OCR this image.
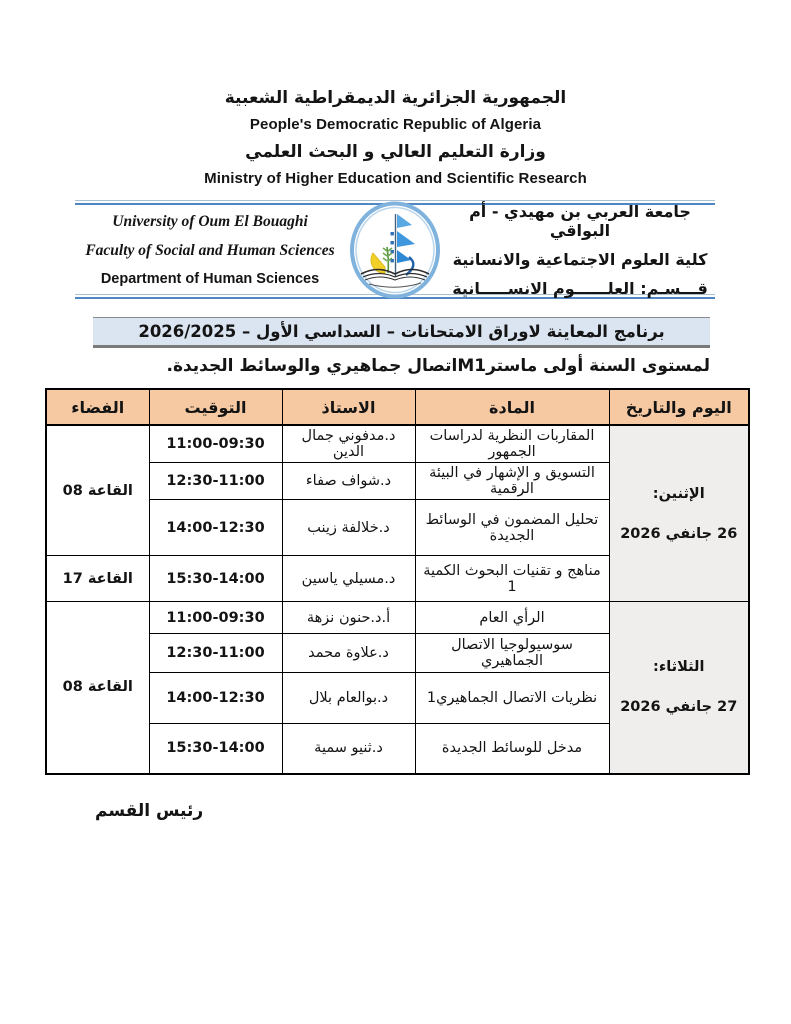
الجمهورية الجزائرية الديمقراطية الشعبية
People's Democratic Republic of Algeria
وزارة التعليم العالي و البحث العلمي
Ministry of Higher Education and Scientific Research
University of Oum El Bouaghi
Faculty of Social and Human Sciences
Department of Human Sciences
جامعة العربي بن مهيدي - أم البواقي
كلية العلوم الاجتماعية والانسانية
قـــسـم: العلــــــوم الانســـــانية
برنامج المعاينة لاوراق الامتحانات – السداسي الأول – 2026/2025
لمستوى السنة أولى ماسترM1اتصال جماهيري والوسائط الجديدة.
اليوم والتاريخ	المادة	الاستاذ	التوقيت	الفضاء

الإثنين:
26 جانفي 2026	المقاربات النظرية لدراسات الجمهور	د.مدفوني جمال الدين	11:00-09:30	القاعة 08
	التسويق و الإشهار في البيئة الرقمية	د.شواف صفاء	12:30-11:00	
	تحليل المضمون في الوسائط الجديدة	د.خلالفة زينب	14:00-12:30	
	مناهج و تقنيات البحوث الكمية 1	د.مسيلي ياسين	15:30-14:00	القاعة 17

الثلاثاء:
27 جانفي 2026	الرأي العام	أ.د.حنون نزهة	11:00-09:30	القاعة 08
	سوسيولوجيا الاتصال الجماهيري	د.علاوة محمد	12:30-11:00	
	نظريات الاتصال الجماهيري1	د.بوالعام بلال	14:00-12:30	
	مدخل للوسائط الجديدة	د.ثنيو سمية	15:30-14:00	
رئيس القسم
